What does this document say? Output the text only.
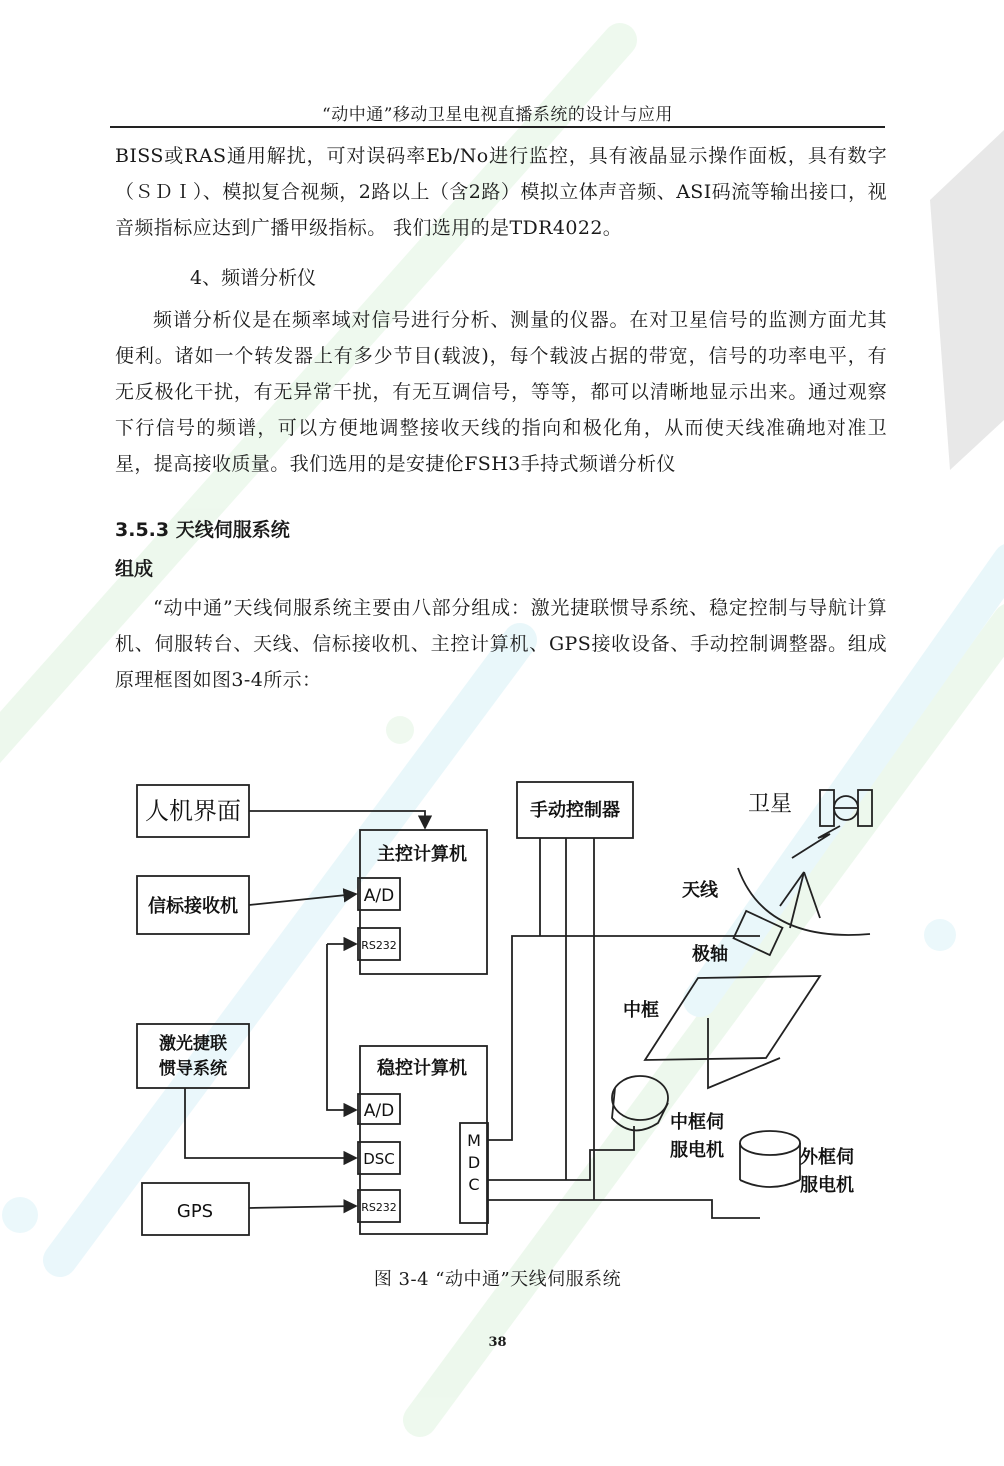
“动中通”移动卫星电视直播系统的设计与应用

BISS或RAS通用解扰，可对误码率Eb/No进行监控，具有液晶显示操作面板，具有数字（ＳＤＩ）、模拟复合视频，2路以上（含2路）模拟立体声音频、ASI码流等输出接口，视音频指标应达到广播甲级指标。 我们选用的是TDR4022。

4、频谱分析仪

频谱分析仪是在频率域对信号进行分析、测量的仪器。在对卫星信号的监测方面尤其便利。诸如一个转发器上有多少节目(载波)，每个载波占据的带宽，信号的功率电平，有无反极化干扰，有无异常干扰，有无互调信号，等等，都可以清晰地显示出来。通过观察下行信号的频谱，可以方便地调整接收天线的指向和极化角，从而使天线准确地对准卫星，提高接收质量。我们选用的是安捷伦FSH3手持式频谱分析仪

3.5.3 天线伺服系统

组成

“动中通”天线伺服系统主要由八部分组成：激光捷联惯导系统、稳定控制与导航计算机、伺服转台、天线、信标接收机、主控计算机、GPS接收设备、手动控制调整器。组成原理框图如图3-4所示：

人机界面
主控计算机
A/D
RS232
手动控制器	卫星
天线
极轴
中框
信标接收机
激光捷联
惯导系统	稳控计算机
A/D
DSC
RS232
M
D
C
GPS
中框伺
服电机	外框伺
服电机
图 3-4 “动中通”天线伺服系统
38
